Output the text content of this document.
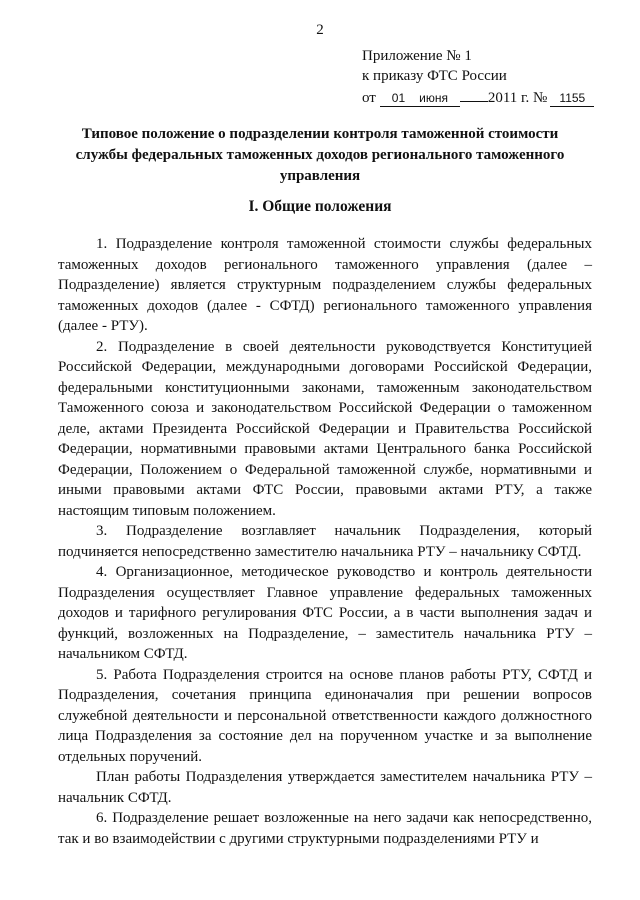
2
Приложение № 1
к приказу ФТС России
от	01 июня	2011 г. №	1155
Типовое положение о подразделении контроля таможенной стоимости службы федеральных таможенных доходов регионального таможенного управления
I. Общие положения

1. Подразделение контроля таможенной стоимости службы федеральных таможенных доходов регионального таможенного управления (далее – Подразделение) является структурным подразделением службы федеральных таможенных доходов (далее - СФТД) регионального таможенного управления (далее - РТУ).

2. Подразделение в своей деятельности руководствуется Конституцией Российской Федерации, международными договорами Российской Федерации, федеральными конституционными законами, таможенным законодательством Таможенного союза и законодательством Российской Федерации о таможенном деле, актами Президента Российской Федерации и Правительства Российской Федерации, нормативными правовыми актами Центрального банка Российской Федерации, Положением о Федеральной таможенной службе, нормативными и иными правовыми актами ФТС России, правовыми актами РТУ, а также настоящим типовым положением.

3. Подразделение возглавляет начальник Подразделения, который подчиняется непосредственно заместителю начальника РТУ – начальнику СФТД.

4. Организационное, методическое руководство и контроль деятельности Подразделения осуществляет Главное управление федеральных таможенных доходов и тарифного регулирования ФТС России, а в части выполнения задач и функций, возложенных на Подразделение, – заместитель начальника РТУ – начальником СФТД.

5. Работа Подразделения строится на основе планов работы РТУ, СФТД и Подразделения, сочетания принципа единоначалия при решении вопросов служебной деятельности и персональной ответственности каждого должностного лица Подразделения за состояние дел на порученном участке и за выполнение отдельных поручений.

План работы Подразделения утверждается заместителем начальника РТУ – начальник СФТД.

6. Подразделение решает возложенные на него задачи как непосредственно, так и во взаимодействии с другими структурными подразделениями РТУ и
